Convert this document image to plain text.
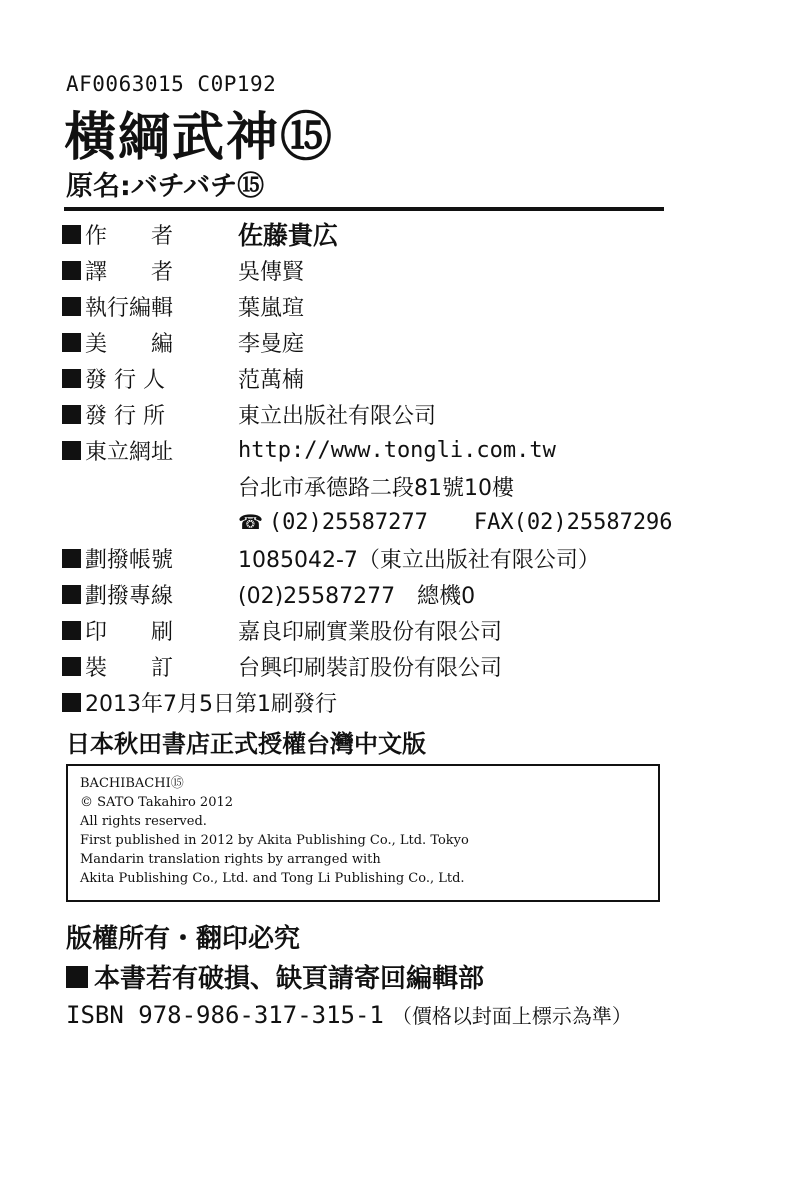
AF0063015 C0P192
橫綱武神⑮
原名:バチバチ⑮
作　　者	佐藤貴広
譯　　者	吳傳賢
執行編輯	葉嵐瑄
美　　編	李曼庭
發 行 人	范萬楠
發 行 所	東立出版社有限公司
東立網址	http://www.tongli.com.tw
台北市承德路二段81號10樓
☎ (02)25587277 FAX(02)25587296
劃撥帳號	1085042-7（東立出版社有限公司）
劃撥專線	(02)25587277　總機0
印　　刷	嘉良印刷實業股份有限公司
裝　　訂	台興印刷裝訂股份有限公司
2013年7月5日第1刷發行
日本秋田書店正式授權台灣中文版
BACHIBACHI⑮
© SATO Takahiro 2012
All rights reserved.
First published in 2012 by Akita Publishing Co., Ltd. Tokyo
Mandarin translation rights by arranged with
Akita Publishing Co., Ltd. and Tong Li Publishing Co., Ltd.
版權所有・翻印必究
本書若有破損、缺頁請寄回編輯部
ISBN 978-986-317-315-1 （價格以封面上標示為準）
